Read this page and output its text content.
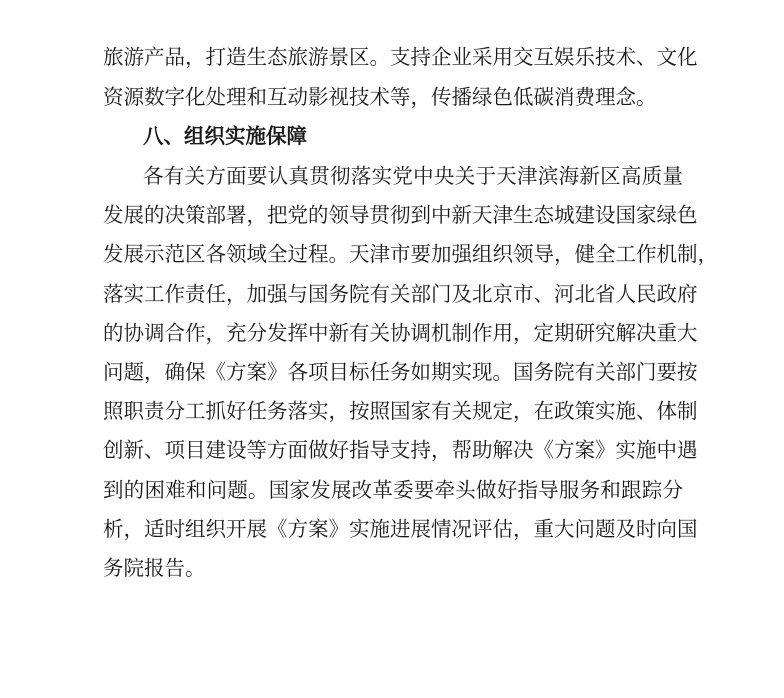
旅游产品，打造生态旅游景区。支持企业采用交互娱乐技术、文化
资源数字化处理和互动影视技术等，传播绿色低碳消费理念。
八、组织实施保障
各有关方面要认真贯彻落实党中央关于天津滨海新区高质量
发展的决策部署，把党的领导贯彻到中新天津生态城建设国家绿色
发展示范区各领域全过程。天津市要加强组织领导，健全工作机制，
落实工作责任，加强与国务院有关部门及北京市、河北省人民政府
的协调合作，充分发挥中新有关协调机制作用，定期研究解决重大
问题，确保《方案》各项目标任务如期实现。国务院有关部门要按
照职责分工抓好任务落实，按照国家有关规定，在政策实施、体制
创新、项目建设等方面做好指导支持，帮助解决《方案》实施中遇
到的困难和问题。国家发展改革委要牵头做好指导服务和跟踪分
析，适时组织开展《方案》实施进展情况评估，重大问题及时向国
务院报告。
